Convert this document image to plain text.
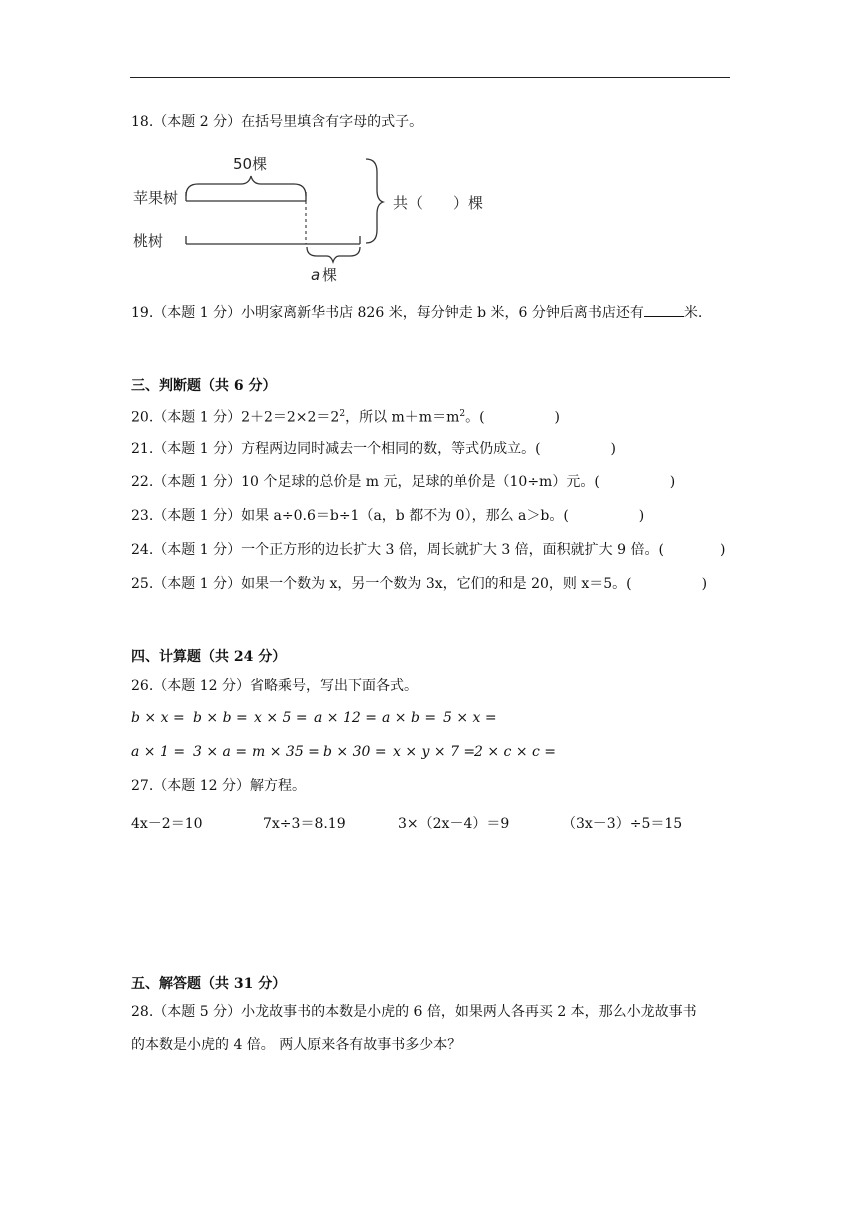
18.（本题 2 分）在括号里填含有字母的式子。
50棵
苹果树
桃树
a 棵
共（　　）棵
19.（本题 1 分）小明家离新华书店 826 米，每分钟走 b 米，6 分钟后离书店还有	米.
三、判断题（共 6 分）
20.（本题 1 分）$2+2=2\times 2=2^2$，所以 $m+m=m^2$。(　　　　　)
21.（本题 1 分）方程两边同时减去一个相同的数，等式仍成立。(　　　　　)
22.（本题 1 分）10 个足球的总价是 m 元，足球的单价是（10÷m）元。(　　　　　)
23.（本题 1 分）如果 a÷0.6＝b÷1（a，b 都不为 0），那么 a＞b。(　　　　　)
24.（本题 1 分）一个正方形的边长扩大 3 倍，周长就扩大 3 倍，面积就扩大 9 倍。(　　　　)
25.（本题 1 分）如果一个数为 x，另一个数为 3x，它们的和是 20，则 x＝5。(　　　　　)
四、计算题（共 24 分）
26.（本题 12 分）省略乘号，写出下面各式。
b × x = b × b = x × 5 = a × 12 = a × b = 5 × x =
a × 1 = 3 × a = m × 35 = b × 30 = x × y × 7 =
2 × c × c =
27.（本题 12 分）解方程。
4x－2＝10	7x÷3＝8.19	3×（2x－4）＝9	（3x－3）÷5＝15
五、解答题（共 31 分）
28.（本题 5 分）小龙故事书的本数是小虎的 6 倍，如果两人各再买 2 本，那么小龙故事书
的本数是小虎的 4 倍。 两人原来各有故事书多少本？
